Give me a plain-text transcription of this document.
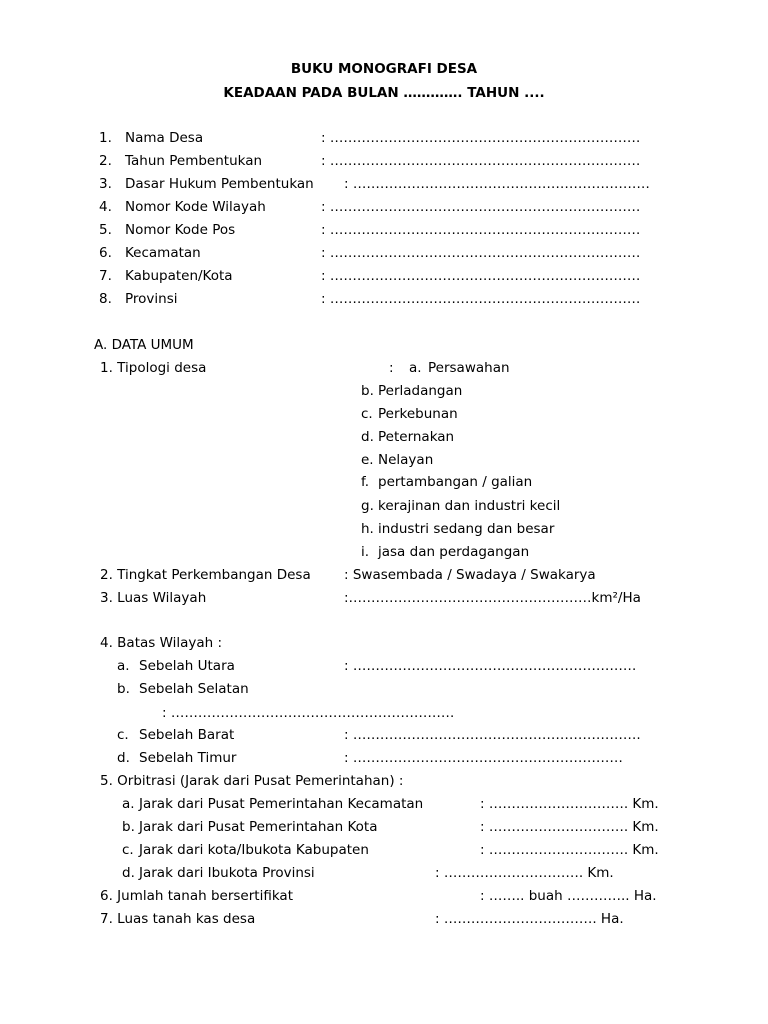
BUKU MONOGRAFI DESA
KEADAAN PADA BULAN …………. TAHUN ....
1. Nama Desa	: ……………………………………………………………
2. Tahun Pembentukan	: ……………………………………………………………
3. Dasar Hukum Pembentukan : …………………………………………………………
4. Nomor Kode Wilayah	: ……………………………………………………………
5. Nomor Kode Pos	: ……………………………………………………………
6. Kecamatan	: ……………………………………………………………
7. Kabupaten/Kota	: ……………………………………………………………
8. Provinsi	: ……………………………………………………………
A. DATA UMUM
1. Tipologi desa	: a. Persawahan
b. Perladangan
c. Perkebunan
d. Peternakan
e. Nelayan
f. pertambangan / galian
g. kerajinan dan industri kecil
h. industri sedang dan besar
i. jasa dan perdagangan
2. Tingkat Perkembangan Desa : Swasembada / Swadaya / Swakarya
3. Luas Wilayah	:………………………………………………km²/Ha
4. Batas Wilayah :
a. Sebelah Utara	: ………………………………………………………
b. Sebelah Selatan
: ………………………………………………………
c. Sebelah Barat	: ……………………………………………………….
d. Sebelah Timur	: ……………………………………………………
5. Orbitrasi (Jarak dari Pusat Pemerintahan) :
a. Jarak dari Pusat Pemerintahan Kecamatan	: …………………………. Km.
b. Jarak dari Pusat Pemerintahan Kota	: …………………………. Km.
c. Jarak dari kota/Ibukota Kabupaten	: …………………………. Km.
d. Jarak dari Ibukota Provinsi	: …………………………. Km.
6. Jumlah tanah bersertifikat	: …….. buah ………….. Ha.
7. Luas tanah kas desa	: ……………………………. Ha.
